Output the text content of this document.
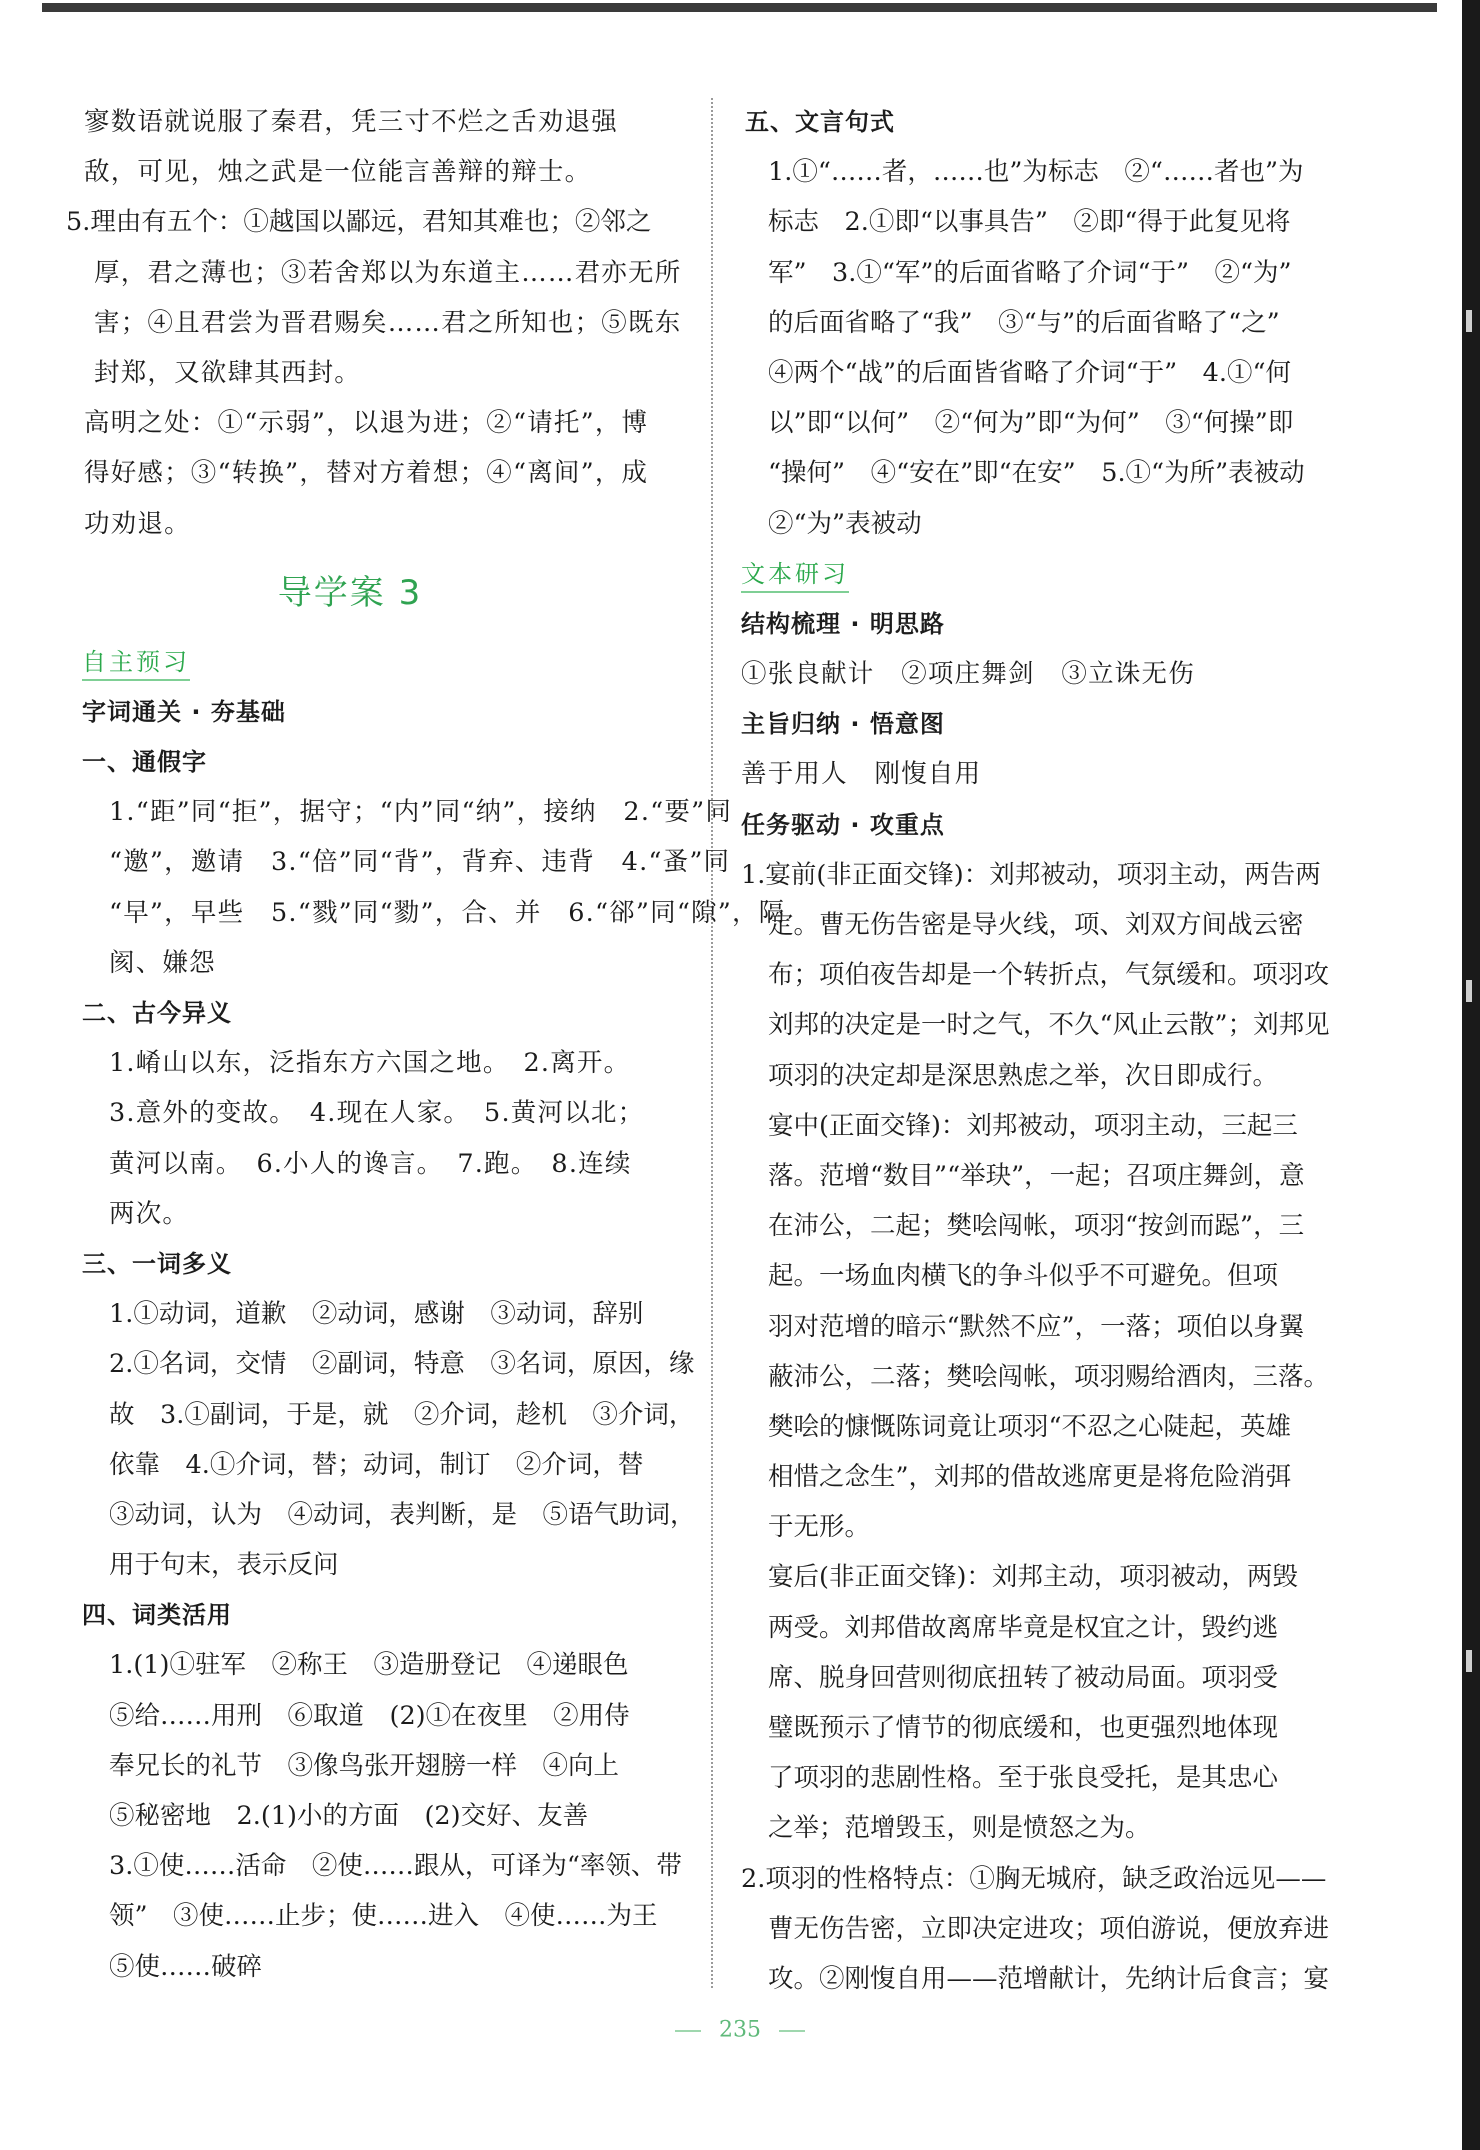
寥数语就说服了秦君，凭三寸不烂之舌劝退强
敌，可见，烛之武是一位能言善辩的辩士。
5.理由有五个：①越国以鄙远，君知其难也；②邻之
厚，君之薄也；③若舍郑以为东道主……君亦无所
害；④且君尝为晋君赐矣……君之所知也；⑤既东
封郑，又欲肆其西封。
高明之处：①“示弱”，以退为进；②“请托”，博
得好感；③“转换”，替对方着想；④“离间”，成
功劝退。
导学案 3
自主预习
字词通关 · 夯基础
一、通假字
1.“距”同“拒”，据守；“内”同“纳”，接纳　2.“要”同
“邀”，邀请　3.“倍”同“背”，背弃、违背　4.“蚤”同
“早”，早些　5.“戮”同“勠”，合、并　6.“郤”同“隙”，隔
阂、嫌怨
二、古今异义
1.崤山以东，泛指东方六国之地。　2.离开。
3.意外的变故。　4.现在人家。　5.黄河以北；
黄河以南。　6.小人的谗言。　7.跑。　8.连续
两次。
三、一词多义
1.①动词，道歉　②动词，感谢　③动词，辞别
2.①名词，交情　②副词，特意　③名词，原因，缘
故　3.①副词，于是，就　②介词，趁机　③介词，
依靠　4.①介词，替；动词，制订　②介词，替
③动词，认为　④动词，表判断，是　⑤语气助词，
用于句末，表示反问
四、词类活用
1.(1)①驻军　②称王　③造册登记　④递眼色
⑤给……用刑　⑥取道　(2)①在夜里　②用侍
奉兄长的礼节　③像鸟张开翅膀一样　④向上
⑤秘密地　2.(1)小的方面　(2)交好、友善
3.①使……活命　②使……跟从，可译为“率领、带
领”　③使……止步；使……进入　④使……为王
⑤使……破碎
五、文言句式
1.①“……者，……也”为标志　②“……者也”为
标志　2.①即“以事具告”　②即“得于此复见将
军”　3.①“军”的后面省略了介词“于”　②“为”
的后面省略了“我”　③“与”的后面省略了“之”
④两个“战”的后面皆省略了介词“于”　4.①“何
以”即“以何”　②“何为”即“为何”　③“何操”即
“操何”　④“安在”即“在安”　5.①“为所”表被动
②“为”表被动
文本研习
结构梳理 · 明思路
①张良献计　②项庄舞剑　③立诛无伤
主旨归纳 · 悟意图
善于用人　刚愎自用
任务驱动 · 攻重点
1.宴前(非正面交锋)：刘邦被动，项羽主动，两告两
定。曹无伤告密是导火线，项、刘双方间战云密
布；项伯夜告却是一个转折点，气氛缓和。项羽攻
刘邦的决定是一时之气，不久“风止云散”；刘邦见
项羽的决定却是深思熟虑之举，次日即成行。
宴中(正面交锋)：刘邦被动，项羽主动，三起三
落。范增“数目”“举玦”，一起；召项庄舞剑，意
在沛公，二起；樊哙闯帐，项羽“按剑而跽”，三
起。一场血肉横飞的争斗似乎不可避免。但项
羽对范增的暗示“默然不应”，一落；项伯以身翼
蔽沛公，二落；樊哙闯帐，项羽赐给酒肉，三落。
樊哙的慷慨陈词竟让项羽“不忍之心陡起，英雄
相惜之念生”，刘邦的借故逃席更是将危险消弭
于无形。
宴后(非正面交锋)：刘邦主动，项羽被动，两毁
两受。刘邦借故离席毕竟是权宜之计，毁约逃
席、脱身回营则彻底扭转了被动局面。项羽受
璧既预示了情节的彻底缓和，也更强烈地体现
了项羽的悲剧性格。至于张良受托，是其忠心
之举；范增毁玉，则是愤怒之为。
2.项羽的性格特点：①胸无城府，缺乏政治远见——
曹无伤告密，立即决定进攻；项伯游说，便放弃进
攻。②刚愎自用——范增献计，先纳计后食言；宴
235
